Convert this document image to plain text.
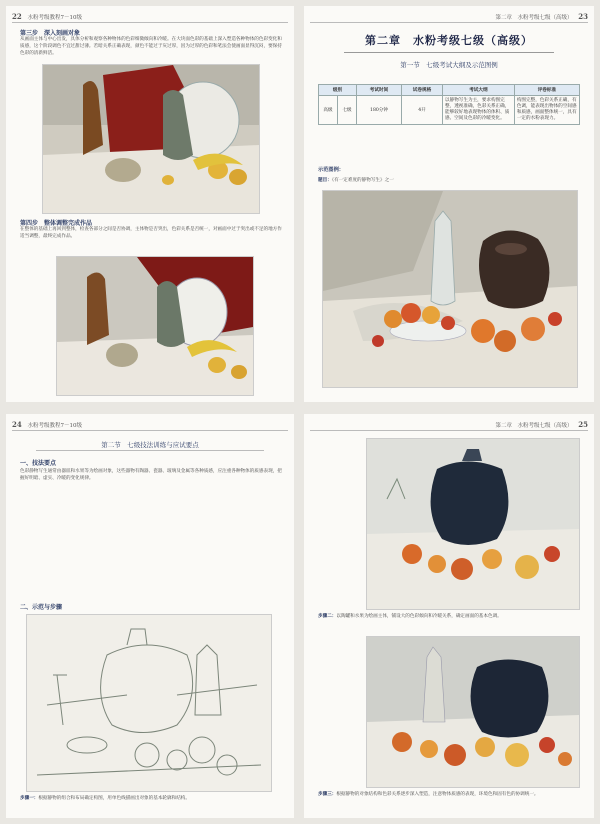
22 水粉考级教程7－10级
第三步　深入刻画对象
从画面主体与中心出发，具体分析和观察各种物体的色彩细微倾向和冷暖。在大块面色彩的基础上深入塑造各种物体的色彩变化和质感，这个阶段调色不宜过甜过薄。若暗关系正确表现，颜色不能过于灰过厚，因为过厚的色彩和笔法会使画面显得沉闷，要保持色彩的清新鲜活。
第四步　整体调整完成作品
在整体的基础上再回到整体，检查各部分之间是否协调，主体物是否突出，色彩关系是否统一，对画面中过于突出或不足的地方作适当调整，最终完成作品。
第二章　水粉考级七级（高级） 23
第二章　水粉考级七级（高级）
第一节　七级考试大纲及示范图例
级别		考试时间	试卷规格	考试大纲	评卷标准
高级	七级	180分钟	4开	以静物写生为主，要求构图完整，透视准确，色彩关系正确，能够较好地表现物体的体积、质感、空间及色彩的冷暖变化。	构图完整，色彩关系正确，有色调，能表现出物体的空间感和质感，画面整体统一，具有一定的水粉表现力。
示范图例：
题目：《有一定难度的静物写生》之一
24 水粉考级教程7－10级
第二节　七级技法训练与应试要点
一、技法要点
色彩静物写生通常由器皿和水果等为绘画对象，这些器物有陶器、瓷器、玻璃及金属等各种质感，应注重各种物体的质感表现，把握好明暗、虚实、冷暖的变化规律。
二、示范与步骤
步骤一：根据静物的组合和布局确定构图，用单色线描画出对象的基本轮廓和结构。
第二章　水粉考级七级（高级） 25
步骤二：以陶罐和水果为绘画主体，铺设大的色彩倾向和冷暖关系，确定画面的基本色调。
步骤三：根据静物的对象结构和色彩关系逐步深入塑造，注意物体质感的表现，环境色和固有色的协调统一。
